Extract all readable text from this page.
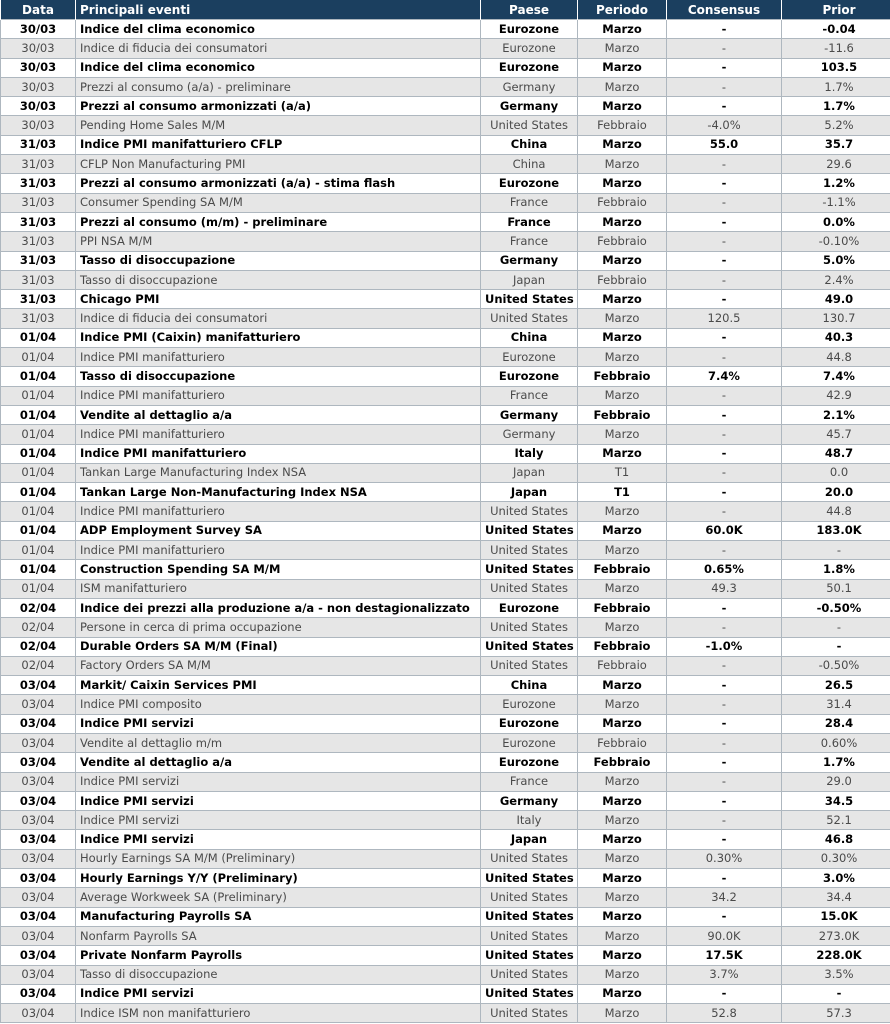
Data	Principali eventi	Paese	Periodo	Consensus	Prior
30/03	Indice del clima economico	Eurozone	Marzo	-	-0.04
30/03	Indice di fiducia dei consumatori	Eurozone	Marzo	-	-11.6
30/03	Indice del clima economico	Eurozone	Marzo	-	103.5
30/03	Prezzi al consumo (a/a) - preliminare	Germany	Marzo	-	1.7%
30/03	Prezzi al consumo armonizzati (a/a)	Germany	Marzo	-	1.7%
30/03	Pending Home Sales M/M	United States	Febbraio	-4.0%	5.2%
31/03	Indice PMI manifatturiero CFLP	China	Marzo	55.0	35.7
31/03	CFLP Non Manufacturing PMI	China	Marzo	-	29.6
31/03	Prezzi al consumo armonizzati (a/a) - stima flash	Eurozone	Marzo	-	1.2%
31/03	Consumer Spending SA M/M	France	Febbraio	-	-1.1%
31/03	Prezzi al consumo (m/m) - preliminare	France	Marzo	-	0.0%
31/03	PPI NSA M/M	France	Febbraio	-	-0.10%
31/03	Tasso di disoccupazione	Germany	Marzo	-	5.0%
31/03	Tasso di disoccupazione	Japan	Febbraio	-	2.4%
31/03	Chicago PMI	United States	Marzo	-	49.0
31/03	Indice di fiducia dei consumatori	United States	Marzo	120.5	130.7
01/04	Indice PMI (Caixin) manifatturiero	China	Marzo	-	40.3
01/04	Indice PMI manifatturiero	Eurozone	Marzo	-	44.8
01/04	Tasso di disoccupazione	Eurozone	Febbraio	7.4%	7.4%
01/04	Indice PMI manifatturiero	France	Marzo	-	42.9
01/04	Vendite al dettaglio a/a	Germany	Febbraio	-	2.1%
01/04	Indice PMI manifatturiero	Germany	Marzo	-	45.7
01/04	Indice PMI manifatturiero	Italy	Marzo	-	48.7
01/04	Tankan Large Manufacturing Index NSA	Japan	T1	-	0.0
01/04	Tankan Large Non-Manufacturing Index NSA	Japan	T1	-	20.0
01/04	Indice PMI manifatturiero	United States	Marzo	-	44.8
01/04	ADP Employment Survey SA	United States	Marzo	60.0K	183.0K
01/04	Indice PMI manifatturiero	United States	Marzo	-	-
01/04	Construction Spending SA M/M	United States	Febbraio	0.65%	1.8%
01/04	ISM manifatturiero	United States	Marzo	49.3	50.1
02/04	Indice dei prezzi alla produzione a/a - non destagionalizzato	Eurozone	Febbraio	-	-0.50%
02/04	Persone in cerca di prima occupazione	United States	Marzo	-	-
02/04	Durable Orders SA M/M (Final)	United States	Febbraio	-1.0%	-
02/04	Factory Orders SA M/M	United States	Febbraio	-	-0.50%
03/04	Markit/ Caixin Services PMI	China	Marzo	-	26.5
03/04	Indice PMI composito	Eurozone	Marzo	-	31.4
03/04	Indice PMI servizi	Eurozone	Marzo	-	28.4
03/04	Vendite al dettaglio m/m	Eurozone	Febbraio	-	0.60%
03/04	Vendite al dettaglio a/a	Eurozone	Febbraio	-	1.7%
03/04	Indice PMI servizi	France	Marzo	-	29.0
03/04	Indice PMI servizi	Germany	Marzo	-	34.5
03/04	Indice PMI servizi	Italy	Marzo	-	52.1
03/04	Indice PMI servizi	Japan	Marzo	-	46.8
03/04	Hourly Earnings SA M/M (Preliminary)	United States	Marzo	0.30%	0.30%
03/04	Hourly Earnings Y/Y (Preliminary)	United States	Marzo	-	3.0%
03/04	Average Workweek SA (Preliminary)	United States	Marzo	34.2	34.4
03/04	Manufacturing Payrolls SA	United States	Marzo	-	15.0K
03/04	Nonfarm Payrolls SA	United States	Marzo	90.0K	273.0K
03/04	Private Nonfarm Payrolls	United States	Marzo	17.5K	228.0K
03/04	Tasso di disoccupazione	United States	Marzo	3.7%	3.5%
03/04	Indice PMI servizi	United States	Marzo	-	-
03/04	Indice ISM non manifatturiero	United States	Marzo	52.8	57.3
